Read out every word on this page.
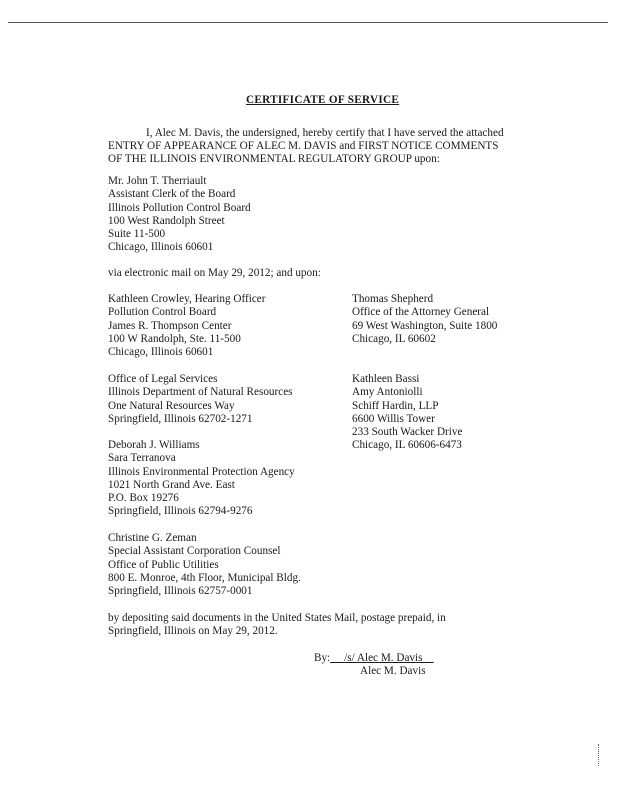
CERTIFICATE OF SERVICE
I, Alec M. Davis, the undersigned, hereby certify that I have served the attached
ENTRY OF APPEARANCE OF ALEC M. DAVIS and FIRST NOTICE COMMENTS
OF THE ILLINOIS ENVIRONMENTAL REGULATORY GROUP upon:
Mr. John T. Therriault
Assistant Clerk of the Board
Illinois Pollution Control Board
100 West Randolph Street
Suite 11-500
Chicago, Illinois 60601
via electronic mail on May 29, 2012; and upon:
Kathleen Crowley, Hearing Officer
Pollution Control Board
James R. Thompson Center
100 W Randolph, Ste. 11-500
Chicago, Illinois 60601
Thomas Shepherd
Office of the Attorney General
69 West Washington, Suite 1800
Chicago, IL 60602
Office of Legal Services
Illinois Department of Natural Resources
One Natural Resources Way
Springfield, Illinois 62702-1271
Kathleen Bassi
Amy Antoniolli
Schiff Hardin, LLP
6600 Willis Tower
233 South Wacker Drive
Chicago, IL 60606-6473
Deborah J. Williams
Sara Terranova
Illinois Environmental Protection Agency
1021 North Grand Ave. East
P.O. Box 19276
Springfield, Illinois 62794-9276
Christine G. Zeman
Special Assistant Corporation Counsel
Office of Public Utilities
800 E. Monroe, 4th Floor, Municipal Bldg.
Springfield, Illinois 62757-0001
by depositing said documents in the United States Mail, postage prepaid, in
Springfield, Illinois on May 29, 2012.
By: /s/ Alec M. Davis
Alec M. Davis
